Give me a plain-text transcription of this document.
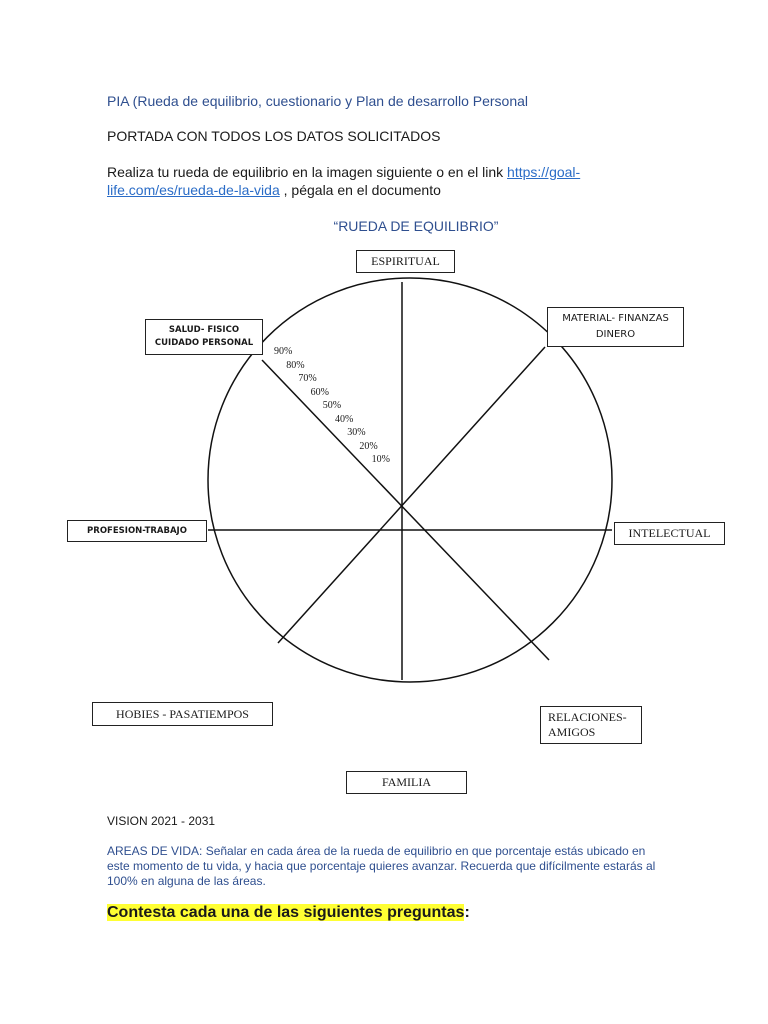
PIA (Rueda de equilibrio, cuestionario y Plan de desarrollo Personal
PORTADA CON TODOS LOS DATOS SOLICITADOS
Realiza tu rueda de equilibrio en la imagen siguiente o en el link https://goal-
life.com/es/rueda-de-la-vida , pégala en el documento
“RUEDA DE EQUILIBRIO”
90%
80%
70%
60%
50%
40%
30%
20%
10%
ESPIRITUAL
MATERIAL- FINANZAS
DINERO
SALUD- FISICO
CUIDADO PERSONAL
INTELECTUAL
PROFESION-TRABAJO
HOBIES - PASATIEMPOS	RELACIONES-
AMIGOS
FAMILIA
VISION 2021 - 2031
AREAS DE VIDA: Señalar en cada área de la rueda de equilibrio en que porcentaje estás ubicado en este momento de tu vida, y hacia que porcentaje quieres avanzar. Recuerda que difícilmente estarás al 100% en alguna de las áreas.
Contesta cada una de las siguientes preguntas:
